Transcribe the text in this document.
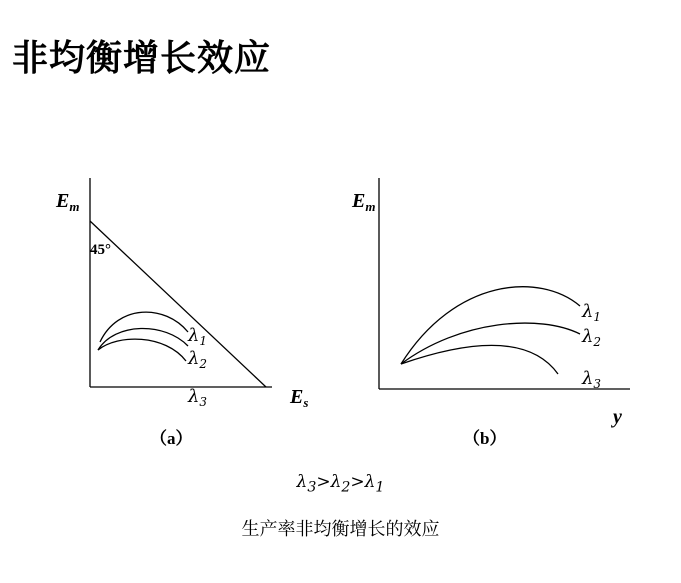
非均衡增长效应
$E_m$
45°
$\lambda_1$
$\lambda_2$
$\lambda_3$	$E_s$
（a）
$E_m$
$\lambda_1$
$\lambda_2$
$\lambda_3$
y
（b）
$\lambda_3>\lambda_2>\lambda_1$
生产率非均衡增长的效应
